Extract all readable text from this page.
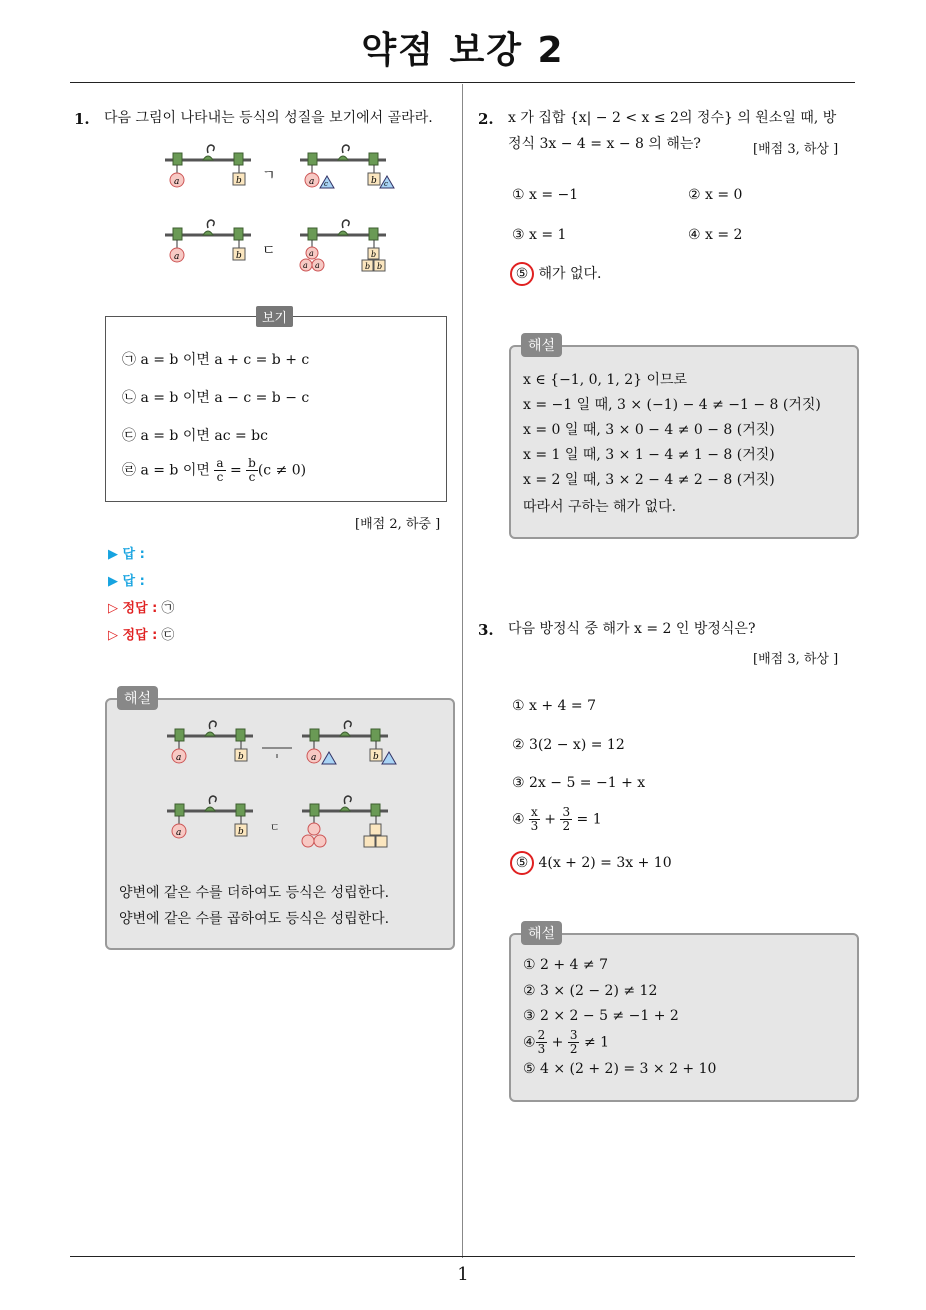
약점 보강 2
1. 다음 그림이 나타내는 등식의 성질을 보기에서 골라라.
a	b ㄱ	a c	b c
a	b ㄷ	a
a a
b
b b
보기
㉠ a = b 이면 a + c = b + c
㉡ a = b 이면 a − c = b − c
㉢ a = b 이면 ac = bc
㉣ a = b 이면 $\frac{a}{c} = \frac{b}{c} (c \ne 0)$
[배점 2, 하중 ]
▶ 답 :
▶ 답 :
▷ 정답 : ㉠
▷ 정답 : ㉢
해설
a	b	a	b
a	b	ㄷ
양변에 같은 수를 더하여도 등식은 성립한다.
양변에 같은 수를 곱하여도 등식은 성립한다.
2. x 가 집합 {x| − 2 < x ≤ 2의 정수} 의 원소일 때, 방
정식 3x − 4 = x − 8 의 해는?	[배점 3, 하상 ]
① x = −1	② x = 0
③ x = 1	④ x = 2
⑤ 해가 없다.
해설
x ∈ {−1, 0, 1, 2} 이므로
x = −1 일 때, 3 × (−1) − 4 ≠ −1 − 8 (거짓)
x = 0 일 때, 3 × 0 − 4 ≠ 0 − 8 (거짓)
x = 1 일 때, 3 × 1 − 4 ≠ 1 − 8 (거짓)
x = 2 일 때, 3 × 2 − 4 ≠ 2 − 8 (거짓)
따라서 구하는 해가 없다.
3. 다음 방정식 중 해가 x = 2 인 방정식은?
[배점 3, 하상 ]
① x + 4 = 7
② 3(2 − x) = 12
③ 2x − 5 = −1 + x
④ $\frac{x}{3} + \frac{3}{2} = 1$
⑤ 4(x + 2) = 3x + 10
해설
① 2 + 4 ≠ 7
② 3 × (2 − 2) ≠ 12
③ 2 × 2 − 5 ≠ −1 + 2
④ $\frac{2}{3} + \frac{3}{2} \ne 1$
⑤ 4 × (2 + 2) = 3 × 2 + 10
1
